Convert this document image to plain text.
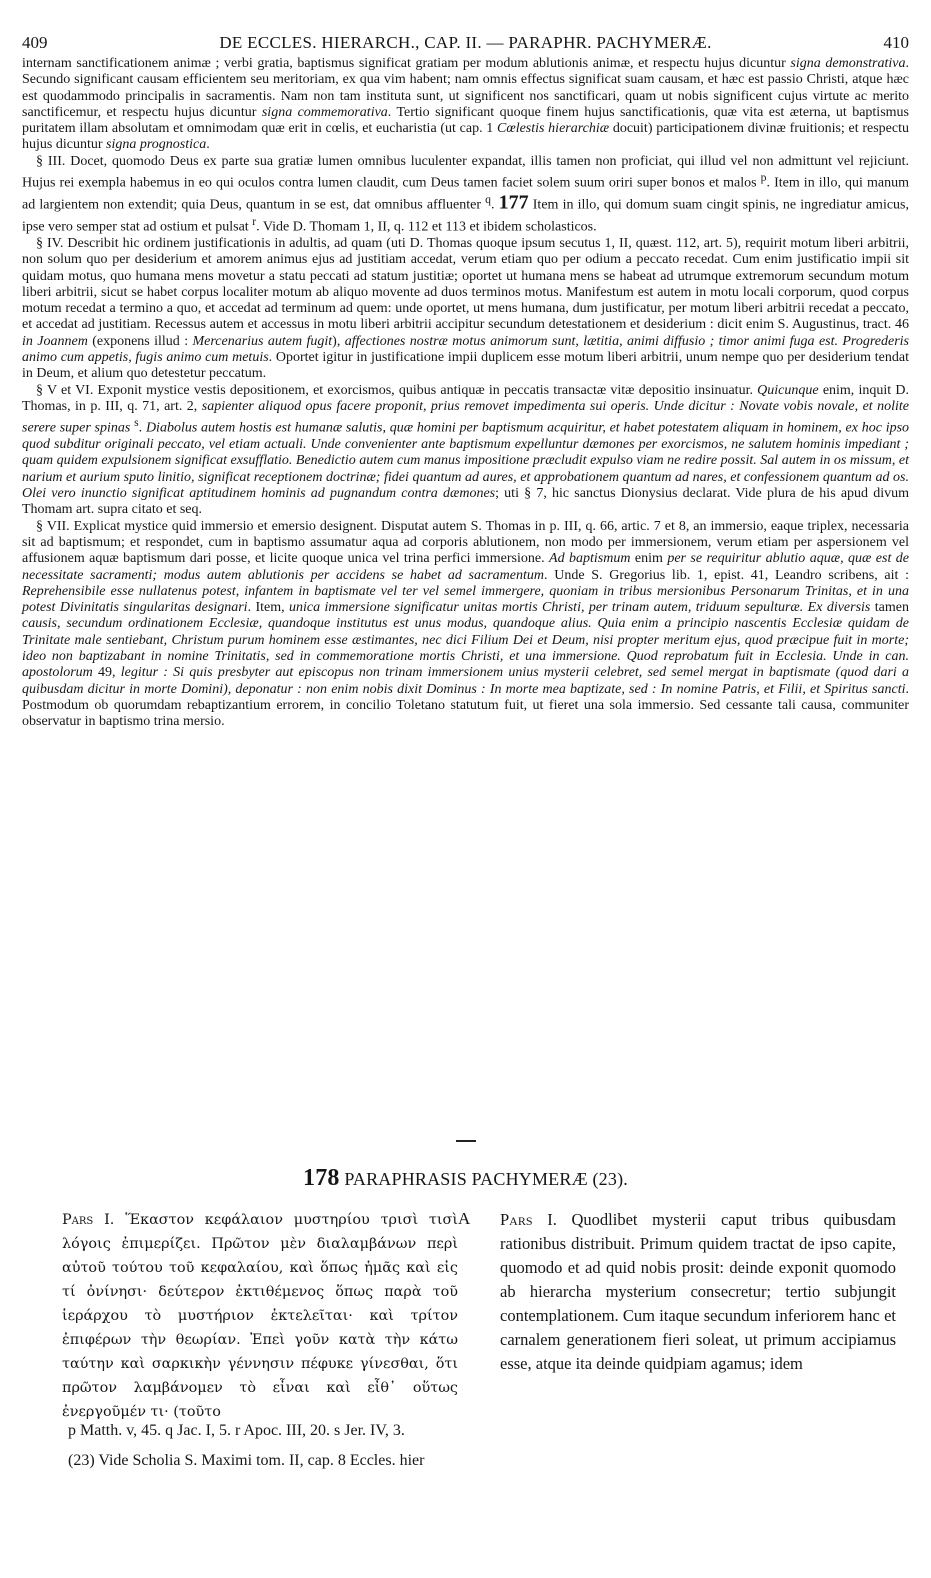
409	DE ECCLES. HIERARCH., CAP. II. — PARAPHR. PACHYMERÆ.	410

internam sanctificationem animæ ; verbi gratia, baptismus significat gratiam per modum ablutionis animæ, et respectu hujus dicuntur signa demonstrativa. Secundo significant causam efficientem seu meritoriam, ex qua vim habent; nam omnis effectus significat suam causam, et hæc est passio Christi, atque hæc est quodammodo principalis in sacramentis. Nam non tam instituta sunt, ut significent nos sanctificari, quam ut nobis significent cujus virtute ac merito sanctificemur, et respectu hujus dicuntur signa commemorativa. Tertio significant quoque finem hujus sanctificationis, quæ vita est æterna, ut baptismus puritatem illam absolutam et omnimodam quæ erit in cœlis, et eucharistia (ut cap. 1 Cœlestis hierarchiæ docuit) participationem divinæ fruitionis; et respectu hujus dicuntur signa prognostica.

§ III. Docet, quomodo Deus ex parte sua gratiæ lumen omnibus luculenter expandat, illis tamen non proficiat, qui illud vel non admittunt vel rejiciunt. Hujus rei exempla habemus in eo qui oculos contra lumen claudit, cum Deus tamen faciet solem suum oriri super bonos et malos $^p$. Item in illo, qui manum ad largientem non extendit; quia Deus, quantum in se est, dat omnibus affluenter $^q$. 177 Item in illo, qui domum suam cingit spinis, ne ingrediatur amicus, ipse vero semper stat ad ostium et pulsat $^r$. Vide D. Thomam 1, II, q. 112 et 113 et ibidem scholasticos.

§ IV. Describit hic ordinem justificationis in adultis, ad quam (uti D. Thomas quoque ipsum secutus 1, II, quæst. 112, art. 5), requirit motum liberi arbitrii, non solum quo per desiderium et amorem animus ejus ad justitiam accedat, verum etiam quo per odium a peccato recedat. Cum enim justificatio impii sit quidam motus, quo humana mens movetur a statu peccati ad statum justitiæ; oportet ut humana mens se habeat ad utrumque extremorum secundum motum liberi arbitrii, sicut se habet corpus localiter motum ab aliquo movente ad duos terminos motus. Manifestum est autem in motu locali corporum, quod corpus motum recedat a termino a quo, et accedat ad terminum ad quem: unde oportet, ut mens humana, dum justificatur, per motum liberi arbitrii recedat a peccato, et accedat ad justitiam. Recessus autem et accessus in motu liberi arbitrii accipitur secundum detestationem et desiderium : dicit enim S. Augustinus, tract. 46 in Joannem (exponens illud : Mercenarius autem fugit), affectiones nostræ motus animorum sunt, lætitia, animi diffusio ; timor animi fuga est. Progrederis animo cum appetis, fugis animo cum metuis. Oportet igitur in justificatione impii duplicem esse motum liberi arbitrii, unum nempe quo per desiderium tendat in Deum, et alium quo detestetur peccatum.

§ V et VI. Exponit mystice vestis depositionem, et exorcismos, quibus antiquæ in peccatis transactæ vitæ depositio insinuatur. Quicunque enim, inquit D. Thomas, in p. III, q. 71, art. 2, sapienter aliquod opus facere proponit, prius removet impedimenta sui operis. Unde dicitur : Novate vobis novale, et nolite serere super spinas $^s$. Diabolus autem hostis est humanæ salutis, quæ homini per baptismum acquiritur, et habet potestatem aliquam in hominem, ex hoc ipso quod subditur originali peccato, vel etiam actuali. Unde convenienter ante baptismum expelluntur dæmones per exorcismos, ne salutem hominis impediant ; quam quidem expulsionem significat exsufflatio. Benedictio autem cum manus impositione præcludit expulso viam ne redire possit. Sal autem in os missum, et narium et aurium sputo linitio, significat receptionem doctrinæ; fidei quantum ad aures, et approbationem quantum ad nares, et confessionem quantum ad os. Olei vero inunctio significat aptitudinem hominis ad pugnandum contra dæmones; uti § 7, hic sanctus Dionysius declarat. Vide plura de his apud divum Thomam art. supra citato et seq.

§ VII. Explicat mystice quid immersio et emersio designent. Disputat autem S. Thomas in p. III, q. 66, artic. 7 et 8, an immersio, eaque triplex, necessaria sit ad baptismum; et respondet, cum in baptismo assumatur aqua ad corporis ablutionem, non modo per immersionem, verum etiam per aspersionem vel affusionem aquæ baptismum dari posse, et licite quoque unica vel trina perfici immersione. Ad baptismum enim per se requiritur ablutio aquæ, quæ est de necessitate sacramenti; modus autem ablutionis per accidens se habet ad sacramentum. Unde S. Gregorius lib. 1, epist. 41, Leandro scribens, ait : Reprehensibile esse nullatenus potest, infantem in baptismate vel ter vel semel immergere, quoniam in tribus mersionibus Personarum Trinitas, et in una potest Divinitatis singularitas designari. Item, unica immersione significatur unitas mortis Christi, per trinam autem, triduum sepulturæ. Ex diversis tamen causis, secundum ordinationem Ecclesiæ, quandoque institutus est unus modus, quandoque alius. Quia enim a principio nascentis Ecclesiæ quidam de Trinitate male sentiebant, Christum purum hominem esse æstimantes, nec dici Filium Dei et Deum, nisi propter meritum ejus, quod præcipue fuit in morte; ideo non baptizabant in nomine Trinitatis, sed in commemoratione mortis Christi, et una immersione. Quod reprobatum fuit in Ecclesia. Unde in can. apostolorum 49, legitur : Si quis presbyter aut episcopus non trinam immersionem unius mysterii celebret, sed semel mergat in baptismate (quod dari a quibusdam dicitur in morte Domini), deponatur : non enim nobis dixit Dominus : In morte mea baptizate, sed : In nomine Patris, et Filii, et Spiritus sancti. Postmodum ob quorumdam rebaptizantium errorem, in concilio Toletano statutum fuit, ut fieret una sola immersio. Sed cessante tali causa, communiter observatur in baptismo trina mersio.

178 PARAPHRASIS PACHYMERÆ (23).
Pars I. Ἕκαστον κεφάλαιον μυστηρίου τρισὶ τισὶ λόγοις ἐπιμερίζει. Πρῶτον μὲν διαλαμβάνων περὶ αὐτοῦ τούτου τοῦ κεφαλαίου, καὶ ὅπως ἡμᾶς καὶ εἰς τί ὀνίνησι· δεύτερον ἐκτιθέμενος ὅπως παρὰ τοῦ ἱεράρχου τὸ μυστήριον ἐκτελεῖται· καὶ τρίτον ἐπιφέρων τὴν θεωρίαν. Ἐπεὶ γοῦν κατὰ τὴν κάτω ταύτην καὶ σαρκικὴν γέννησιν πέφυκε γίνεσθαι, ὅτι πρῶτον λαμβάνομεν τὸ εἶναι καὶ εἶθ᾽ οὕτως ἐνεργοῦμέν τι· (τοῦτο
A Pars I. Quodlibet mysterii caput tribus quibusdam rationibus distribuit. Primum quidem tractat de ipso capite, quomodo et ad quid nobis prosit: deinde exponit quomodo ab hierarcha mysterium consecretur; tertio subjungit contemplationem. Cum itaque secundum inferiorem hanc et carnalem generationem fieri soleat, ut primum accipiamus esse, atque ita deinde quidpiam agamus; idem
p Matth. v, 45. q Jac. I, 5. r Apoc. III, 20. s Jer. IV, 3.
(23) Vide Scholia S. Maximi tom. II, cap. 8 Eccles. hier
